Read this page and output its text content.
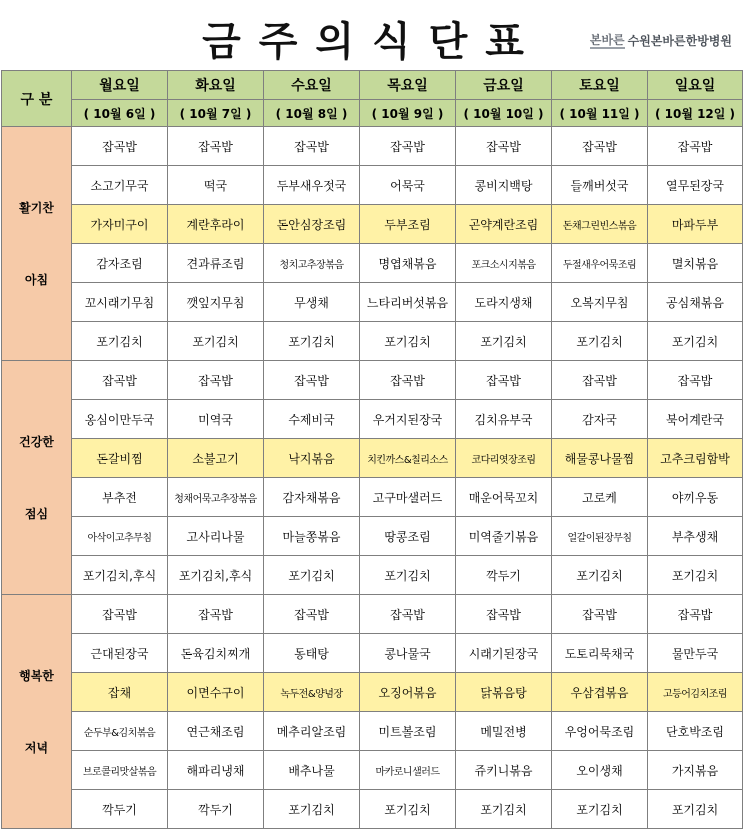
금주의식단표	본바른 수원본바른한방병원
구 분	월요일	화요일	수요일	목요일	금요일	토요일	일요일
	( 10월 6일 )	( 10월 7일 )	( 10월 8일 )	( 10월 9일 )	( 10월 10일 )	( 10월 11일 )	( 10월 12일 )

활기찬
아침	잡곡밥	잡곡밥	잡곡밥	잡곡밥	잡곡밥	잡곡밥	잡곡밥
	소고기무국	떡국	두부새우젓국	어묵국	콩비지백탕	들깨버섯국	열무된장국
	가자미구이	계란후라이	돈안심장조림	두부조림	곤약계란조림	돈채그린빈스볶음	마파두부
	감자조림	견과류조림	청치고추장볶음	명엽채볶음	포크소시지볶음	두절새우어묵조림	멸치볶음
	꼬시래기무침	깻잎지무침	무생채	느타리버섯볶음	도라지생채	오복지무침	공심채볶음
	포기김치	포기김치	포기김치	포기김치	포기김치	포기김치	포기김치

건강한
점심	잡곡밥	잡곡밥	잡곡밥	잡곡밥	잡곡밥	잡곡밥	잡곡밥
	옹심이만두국	미역국	수제비국	우거지된장국	김치유부국	감자국	북어계란국
	돈갈비찜	소불고기	낙지볶음	치킨까스&칠리소스	코다리엿장조림	해물콩나물찜	고추크림함박
	부추전	청채어묵고추장볶음	감자채볶음	고구마샐러드	매운어묵꼬치	고로케	야끼우동
	아삭이고추무침	고사리나물	마늘쫑볶음	땅콩조림	미역줄기볶음	얼갈이된장무침	부추생채
	포기김치,후식	포기김치,후식	포기김치	포기김치	깍두기	포기김치	포기김치

행복한
저녁	잡곡밥	잡곡밥	잡곡밥	잡곡밥	잡곡밥	잡곡밥	잡곡밥
	근대된장국	돈육김치찌개	동태탕	콩나물국	시래기된장국	도토리묵채국	물만두국
	잡채	이면수구이	녹두전&양념장	오징어볶음	닭볶음탕	우삼겹볶음	고등어김치조림
	순두부&김치볶음	연근채조림	메추리알조림	미트볼조림	메밀전병	우엉어묵조림	단호박조림
	브로콜리맛살볶음	해파리냉채	배추나물	마카로니샐러드	쥬키니볶음	오이생채	가지볶음
	깍두기	깍두기	포기김치	포기김치	포기김치	포기김치	포기김치
